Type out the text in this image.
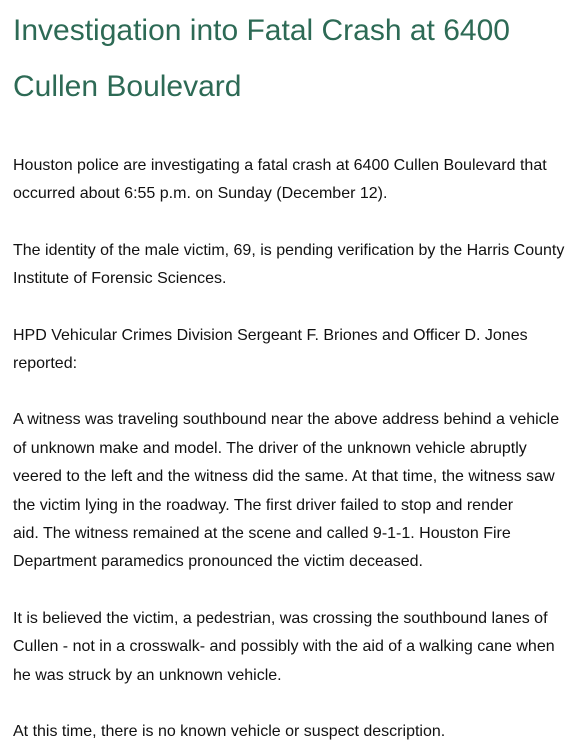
Investigation into Fatal Crash at 6400
Cullen Boulevard

Houston police are investigating a fatal crash at 6400 Cullen Boulevard that
occurred about 6:55 p.m. on Sunday (December 12).

The identity of the male victim, 69, is pending verification by the Harris County
Institute of Forensic Sciences.

HPD Vehicular Crimes Division Sergeant F. Briones and Officer D. Jones
reported:

A witness was traveling southbound near the above address behind a vehicle
of unknown make and model. The driver of the unknown vehicle abruptly
veered to the left and the witness did the same. At that time, the witness saw
the victim lying in the roadway. The first driver failed to stop and render
aid. The witness remained at the scene and called 9-1-1. Houston Fire
Department paramedics pronounced the victim deceased.

It is believed the victim, a pedestrian, was crossing the southbound lanes of
Cullen - not in a crosswalk- and possibly with the aid of a walking cane when
he was struck by an unknown vehicle.

At this time, there is no known vehicle or suspect description.
